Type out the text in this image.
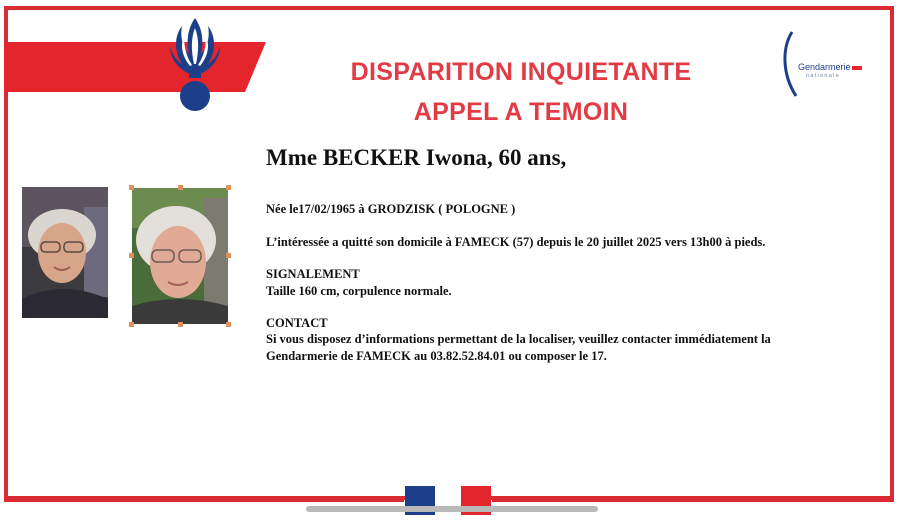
DISPARITION INQUIETANTE
APPEL A TEMOIN
Gendarmerie
nationale
Mme BECKER Iwona, 60 ans,
Née le17/02/1965 à GRODZISK ( POLOGNE )
L’intéressée a quitté son domicile à FAMECK (57) depuis le 20 juillet 2025 vers 13h00 à pieds.
SIGNALEMENT
Taille 160 cm, corpulence normale.
CONTACT
Si vous disposez d’informations permettant de la localiser, veuillez contacter immédiatement la
Gendarmerie de FAMECK au 03.82.52.84.01 ou composer le 17.
